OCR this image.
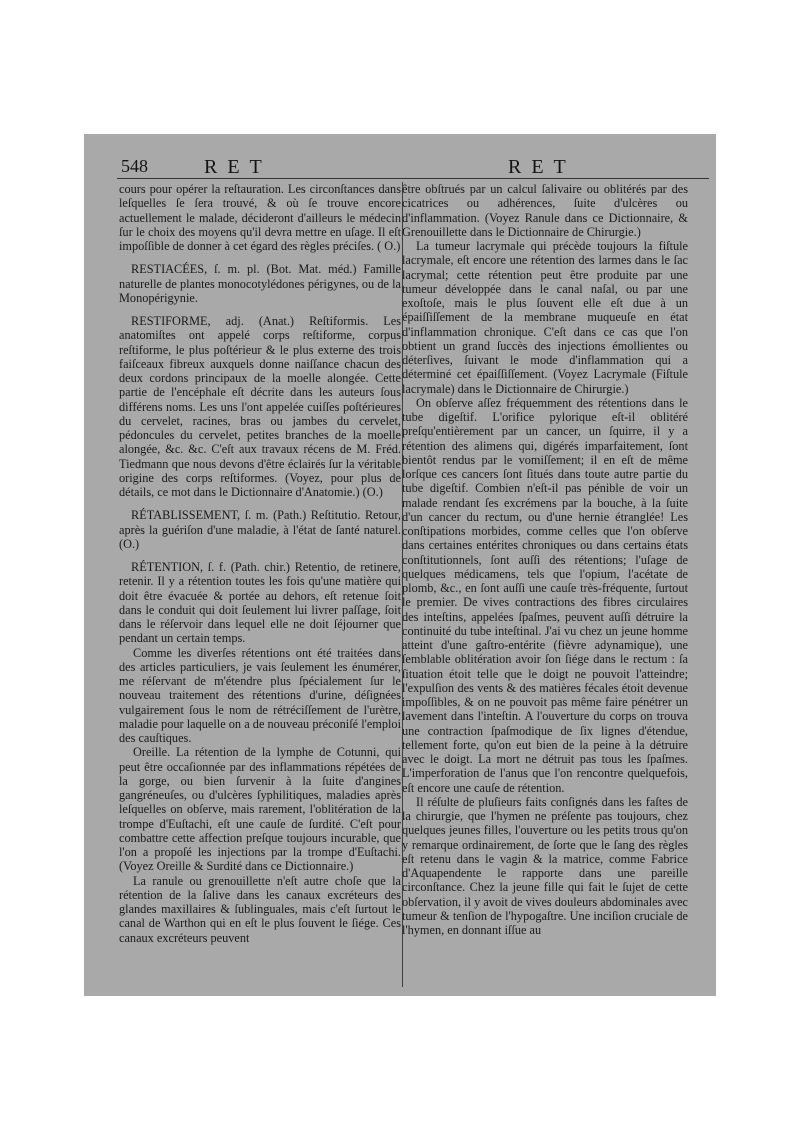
548	RET	RET

cours pour opérer la reſtauration. Les circonſtances dans leſquelles ſe ſera trouvé, & où ſe trouve encore actuellement le malade, décideront d'ailleurs le médecin ſur le choix des moyens qu'il devra mettre en uſage. Il eſt impoſſible de donner à cet égard des règles préciſes. ( O.)

RESTIACÉES, ſ. m. pl. (Bot. Mat. méd.) Famille naturelle de plantes monocotylédones périgynes, ou de la Monopérigynie.

RESTIFORME, adj. (Anat.) Reſtiformis. Les anatomiſtes ont appelé corps reſtiforme, corpus reſtiforme, le plus poſtérieur & le plus externe des trois faiſceaux fibreux auxquels donne naiſſance chacun des deux cordons principaux de la moelle alongée. Cette partie de l'encéphale eſt décrite dans les auteurs ſous différens noms. Les uns l'ont appelée cuiſſes poſtérieures du cervelet, racines, bras ou jambes du cervelet, pédoncules du cervelet, petites branches de la moelle alongée, &c. &c. C'eſt aux travaux récens de M. Fréd. Tiedmann que nous devons d'être éclairés ſur la véritable origine des corps reſtiformes. (Voyez, pour plus de détails, ce mot dans le Dictionnaire d'Anatomie.) (O.)

RÉTABLISSEMENT, ſ. m. (Path.) Reſtitutio. Retour, après la guériſon d'une maladie, à l'état de ſanté naturel. (O.)

RÉTENTION, ſ. f. (Path. chir.) Retentio, de retinere, retenir. Il y a rétention toutes les fois qu'une matière qui doit être évacuée & portée au dehors, eſt retenue ſoit dans le conduit qui doit ſeulement lui livrer paſſage, ſoit dans le réſervoir dans lequel elle ne doit ſéjourner que pendant un certain temps.

Comme les diverſes rétentions ont été traitées dans des articles particuliers, je vais ſeulement les énumérer, me réſervant de m'étendre plus ſpécialement ſur le nouveau traitement des rétentions d'urine, déſignées vulgairement ſous le nom de rétréciſſement de l'urètre, maladie pour laquelle on a de nouveau préconiſé l'emploi des cauſtiques.

Oreille. La rétention de la lymphe de Cotunni, qui peut être occaſionnée par des inflammations répétées de la gorge, ou bien ſurvenir à la ſuite d'angines gangréneuſes, ou d'ulcères ſyphilitiques, maladies après leſquelles on obſerve, mais rarement, l'oblitération de la trompe d'Euſtachi, eſt une cauſe de ſurdité. C'eſt pour combattre cette affection preſque toujours incurable, que l'on a propoſé les injections par la trompe d'Euſtachi. (Voyez Oreille & Surdité dans ce Dictionnaire.)

La ranule ou grenouillette n'eſt autre choſe que la rétention de la ſalive dans les canaux excréteurs des glandes maxillaires & ſublinguales, mais c'eſt ſurtout le canal de Warthon qui en eſt le plus ſouvent le ſiége. Ces canaux excréteurs peuvent

être obſtrués par un calcul ſalivaire ou oblitérés par des cicatrices ou adhérences, ſuite d'ulcères ou d'inflammation. (Voyez Ranule dans ce Dictionnaire, & Grenouillette dans le Dictionnaire de Chirurgie.)

La tumeur lacrymale qui précède toujours la fiſtule lacrymale, eſt encore une rétention des larmes dans le ſac lacrymal; cette rétention peut être produite par une tumeur développée dans le canal naſal, ou par une exoſtoſe, mais le plus ſouvent elle eſt due à un épaiſſiſſement de la membrane muqueuſe en état d'inflammation chronique. C'eſt dans ce cas que l'on obtient un grand ſuccès des injections émollientes ou déterſives, ſuivant le mode d'inflammation qui a déterminé cet épaiſſiſſement. (Voyez Lacrymale (Fiſtule lacrymale) dans le Dictionnaire de Chirurgie.)

On obſerve aſſez fréquemment des rétentions dans le tube digeſtif. L'orifice pylorique eſt-il oblitéré preſqu'entièrement par un cancer, un ſquirre, il y a rétention des alimens qui, digérés imparfaitement, ſont bientôt rendus par le vomiſſement; il en eſt de même lorſque ces cancers ſont ſitués dans toute autre partie du tube digeſtif. Combien n'eſt-il pas pénible de voir un malade rendant ſes excrémens par la bouche, à la ſuite d'un cancer du rectum, ou d'une hernie étranglée! Les conſtipations morbides, comme celles que l'on obſerve dans certaines entérites chroniques ou dans certains états conſtitutionnels, ſont auſſi des rétentions; l'uſage de quelques médicamens, tels que l'opium, l'acétate de plomb, &c., en ſont auſſi une cauſe très-fréquente, ſurtout le premier. De vives contractions des fibres circulaires des inteſtins, appelées ſpaſmes, peuvent auſſi détruire la continuité du tube inteſtinal. J'ai vu chez un jeune homme atteint d'une gaſtro-entérite (fièvre adynamique), une ſemblable oblitération avoir ſon ſiége dans le rectum : ſa ſituation étoit telle que le doigt ne pouvoit l'atteindre; l'expulſion des vents & des matières fécales étoit devenue impoſſibles, & on ne pouvoit pas même faire pénétrer un lavement dans l'inteſtin. A l'ouverture du corps on trouva une contraction ſpaſmodique de ſix lignes d'étendue, tellement forte, qu'on eut bien de la peine à la détruire avec le doigt. La mort ne détruit pas tous les ſpaſmes. L'imperforation de l'anus que l'on rencontre quelquefois, eſt encore une cauſe de rétention.

Il réſulte de pluſieurs faits conſignés dans les faſtes de la chirurgie, que l'hymen ne préſente pas toujours, chez quelques jeunes filles, l'ouverture ou les petits trous qu'on y remarque ordinairement, de ſorte que le ſang des règles eſt retenu dans le vagin & la matrice, comme Fabrice d'Aquapendente le rapporte dans une pareille circonſtance. Chez la jeune fille qui fait le ſujet de cette obſervation, il y avoit de vives douleurs abdominales avec tumeur & tenſion de l'hypogaſtre. Une inciſion cruciale de l'hymen, en donnant iſſue au
